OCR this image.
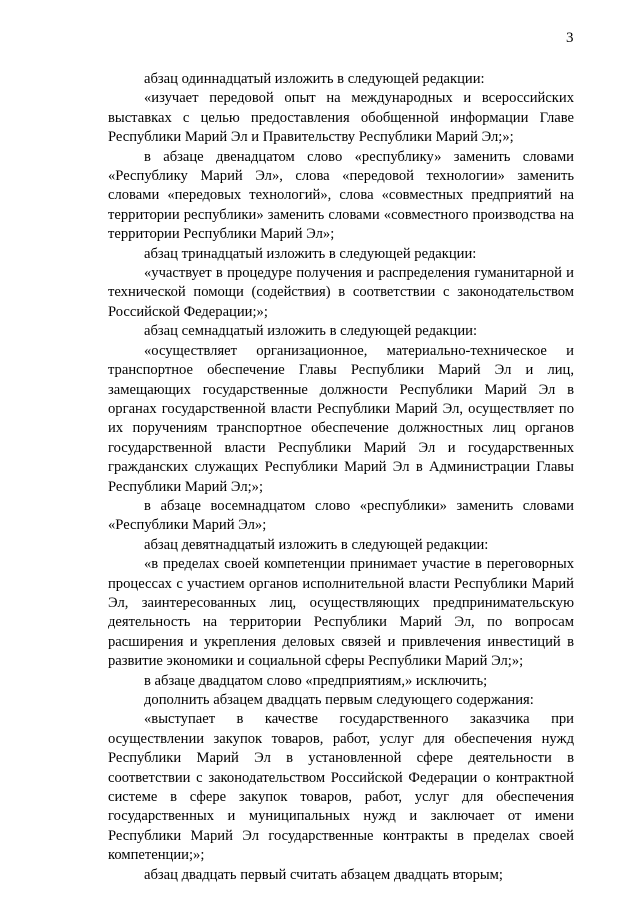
3

абзац одиннадцатый изложить в следующей редакции:

«изучает передовой опыт на международных и всероссийских выставках с целью предоставления обобщенной информации Главе Республики Марий Эл и Правительству Республики Марий Эл;»;

в абзаце двенадцатом слово «республику» заменить словами «Республику Марий Эл», слова «передовой технологии» заменить словами «передовых технологий», слова «совместных предприятий на территории республики» заменить словами «совместного производства на территории Республики Марий Эл»;

абзац тринадцатый изложить в следующей редакции:

«участвует в процедуре получения и распределения гуманитарной и технической помощи (содействия) в соответствии с законодательством Российской Федерации;»;

абзац семнадцатый изложить в следующей редакции:

«осуществляет организационное, материально-техническое и транспортное обеспечение Главы Республики Марий Эл и лиц, замещающих государственные должности Республики Марий Эл в органах государственной власти Республики Марий Эл, осуществляет по их поручениям транспортное обеспечение должностных лиц органов государственной власти Республики Марий Эл и государственных гражданских служащих Республики Марий Эл в Администрации Главы Республики Марий Эл;»;

в абзаце восемнадцатом слово «республики» заменить словами «Республики Марий Эл»;

абзац девятнадцатый изложить в следующей редакции:

«в пределах своей компетенции принимает участие в переговорных процессах с участием органов исполнительной власти Республики Марий Эл, заинтересованных лиц, осуществляющих предпринимательскую деятельность на территории Республики Марий Эл, по вопросам расширения и укрепления деловых связей и привлечения инвестиций в развитие экономики и социальной сферы Республики Марий Эл;»;

в абзаце двадцатом слово «предприятиям,» исключить;

дополнить абзацем двадцать первым следующего содержания:

«выступает в качестве государственного заказчика при осуществлении закупок товаров, работ, услуг для обеспечения нужд Республики Марий Эл в установленной сфере деятельности в соответствии с законодательством Российской Федерации о контрактной системе в сфере закупок товаров, работ, услуг для обеспечения государственных и муниципальных нужд и заключает от имени Республики Марий Эл государственные контракты в пределах своей компетенции;»;

абзац двадцать первый считать абзацем двадцать вторым;
